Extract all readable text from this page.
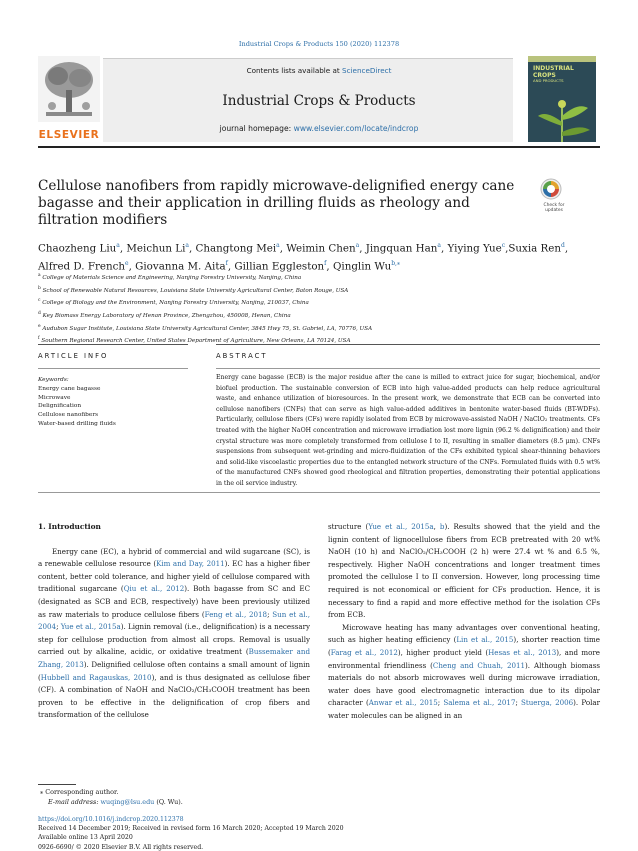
Industrial Crops & Products 150 (2020) 112378
ELSEVIER
Contents lists available at ScienceDirect
Industrial Crops & Products
journal homepage: www.elsevier.com/locate/indcrop
INDUSTRIAL
CROPS
AND PRODUCTS
Cellulose nanofibers from rapidly microwave-delignified energy cane bagasse and their application in drilling fluids as rheology and filtration modifiers
Check for
updates
Chaozheng Liu$^a$, Meichun Li$^a$, Changtong Mei$^a$, Weimin Chen$^a$, Jingquan Han$^a$, Yiying Yue$^c$,Suxia Ren$^d$, Alfred D. French$^e$, Giovanna M. Aita$^f$, Gillian Eggleston$^f$, Qinglin $Wu^{b,⁎}$
$^a$ College of Materials Science and Engineering, Nanjing Forestry University, Nanjing, China
$^b$ School of Renewable Natural Resources, Louisiana State University Agricultural Center, Baton Rouge, USA
$^c$ College of Biology and the Environment, Nanjing Forestry University, Nanjing, 210037, China
$^d$ Key Biomass Energy Laboratory of Henan Province, Zhengzhou, 450008, Henan, China
$^e$ Audubon Sugar Institute, Louisiana State University Agricultural Center, 3845 Hwy 75, St. Gabriel, LA, 70776, USA
$^f$ Southern Regional Research Center, United States Department of Agriculture, New Orleans, LA 70124, USA
ARTICLE INFO	ABSTRACT
Keywords:
Energy cane bagasse
Microwave
Delignification
Cellulose nanofibers
Water-based drilling fluids
Energy cane bagasse (ECB) is the major residue after the cane is milled to extract juice for sugar, biochemical, and/or biofuel production. The sustainable conversion of ECB into high value-added products can help reduce agricultural waste, and enhance utilization of bioresources. In the present work, we demonstrate that ECB can be converted into cellulose nanofibers (CNFs) that can serve as high value-added additives in bentonite water-based fluids (BT-WDFs). Particularly, cellulose fibers (CFs) were rapidly isolated from ECB by microwave-assisted NaOH / NaClO₂ treatments. CFs treated with the higher NaOH concentration and microwave irradiation lost more lignin (96.2 % delignification) and their crystal structure was more completely transformed from cellulose I to II, resulting in smaller diameters (8.5 μm). CNFs suspensions from subsequent wet-grinding and micro-fluidization of the CFs exhibited typical shear-thinning behaviors and solid-like viscoelastic properties due to the entangled network structure of the CNFs. Formulated fluids with 0.5 wt% of the manufactured CNFs showed good rheological and filtration properties, demonstrating their potential applications in the oil service industry.
1. Introduction

Energy cane (EC), a hybrid of commercial and wild sugarcane (SC), is a renewable cellulose resource (Kim and Day, 2011). EC has a higher fiber content, better cold tolerance, and higher yield of cellulose compared with traditional sugarcane (Qiu et al., 2012). Both bagasse from SC and EC (designated as SCB and ECB, respectively) have been previously utilized as raw materials to produce cellulose fibers (Feng et al., 2018; Sun et al., 2004; Yue et al., 2015a). Lignin removal (i.e., delignification) is a necessary step for cellulose production from almost all crops. Removal is usually carried out by alkaline, acidic, or oxidative treatment (Bussemaker and Zhang, 2013). Delignified cellulose often contains a small amount of lignin (Hubbell and Ragauskas, 2010), and is thus designated as cellulose fiber (CF). A combination of NaOH and NaClO₂/CH₃COOH treatment has been proven to be effective in the delignification of crop fibers and transformation of the cellulose

structure (Yue et al., 2015a, b). Results showed that the yield and the lignin content of lignocellulose fibers from ECB pretreated with 20 wt% NaOH (10 h) and NaClO₂/CH₃COOH (2 h) were 27.4 wt % and 6.5 %, respectively. Higher NaOH concentrations and longer treatment times promoted the cellulose I to II conversion. However, long processing time required is not economical or efficient for CFs production. Hence, it is necessary to find a rapid and more effective method for the isolation CFs from ECB.

Microwave heating has many advantages over conventional heating, such as higher heating efficiency (Lin et al., 2015), shorter reaction time (Farag et al., 2012), higher product yield (Hesas et al., 2013), and more environmental friendliness (Cheng and Chuah, 2011). Although biomass materials do not absorb microwaves well during microwave irradiation, water does have good electromagnetic interaction due to its dipolar character (Anwar et al., 2015; Salema et al., 2017; Stuerga, 2006). Polar water molecules can be aligned in an

⁎ Corresponding author.
E-mail address: wuqing@lsu.edu (Q. Wu).
https://doi.org/10.1016/j.indcrop.2020.112378
Received 14 December 2019; Received in revised form 16 March 2020; Accepted 19 March 2020
Available online 13 April 2020
0926-6690/ © 2020 Elsevier B.V. All rights reserved.
